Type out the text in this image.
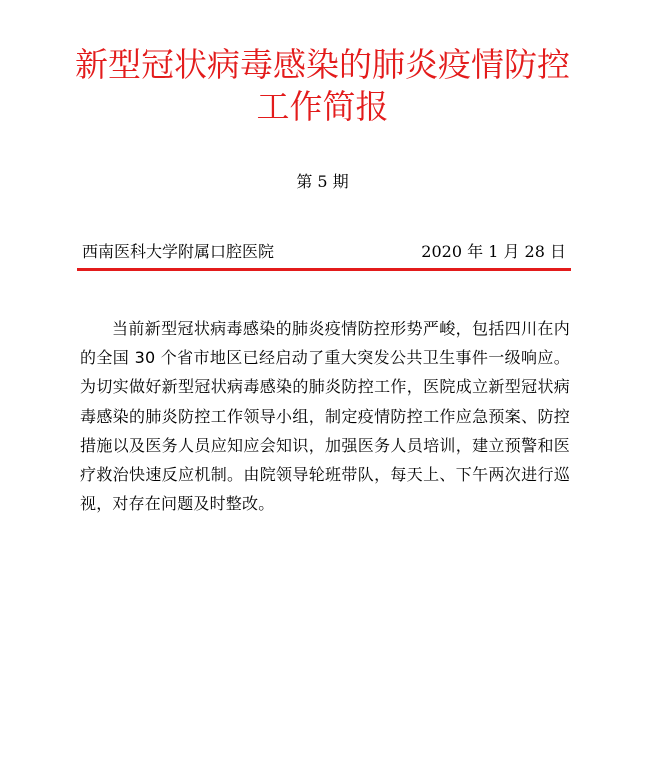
新型冠状病毒感染的肺炎疫情防控
工作简报
第 5 期
西南医科大学附属口腔医院	2020 年 1 月 28 日

当前新型冠状病毒感染的肺炎疫情防控形势严峻，包括四川在内的全国 30 个省市地区已经启动了重大突发公共卫生事件一级响应。为切实做好新型冠状病毒感染的肺炎防控工作，医院成立新型冠状病毒感染的肺炎防控工作领导小组，制定疫情防控工作应急预案、防控措施以及医务人员应知应会知识，加强医务人员培训，建立预警和医疗救治快速反应机制。由院领导轮班带队，每天上、下午两次进行巡视，对存在问题及时整改。
